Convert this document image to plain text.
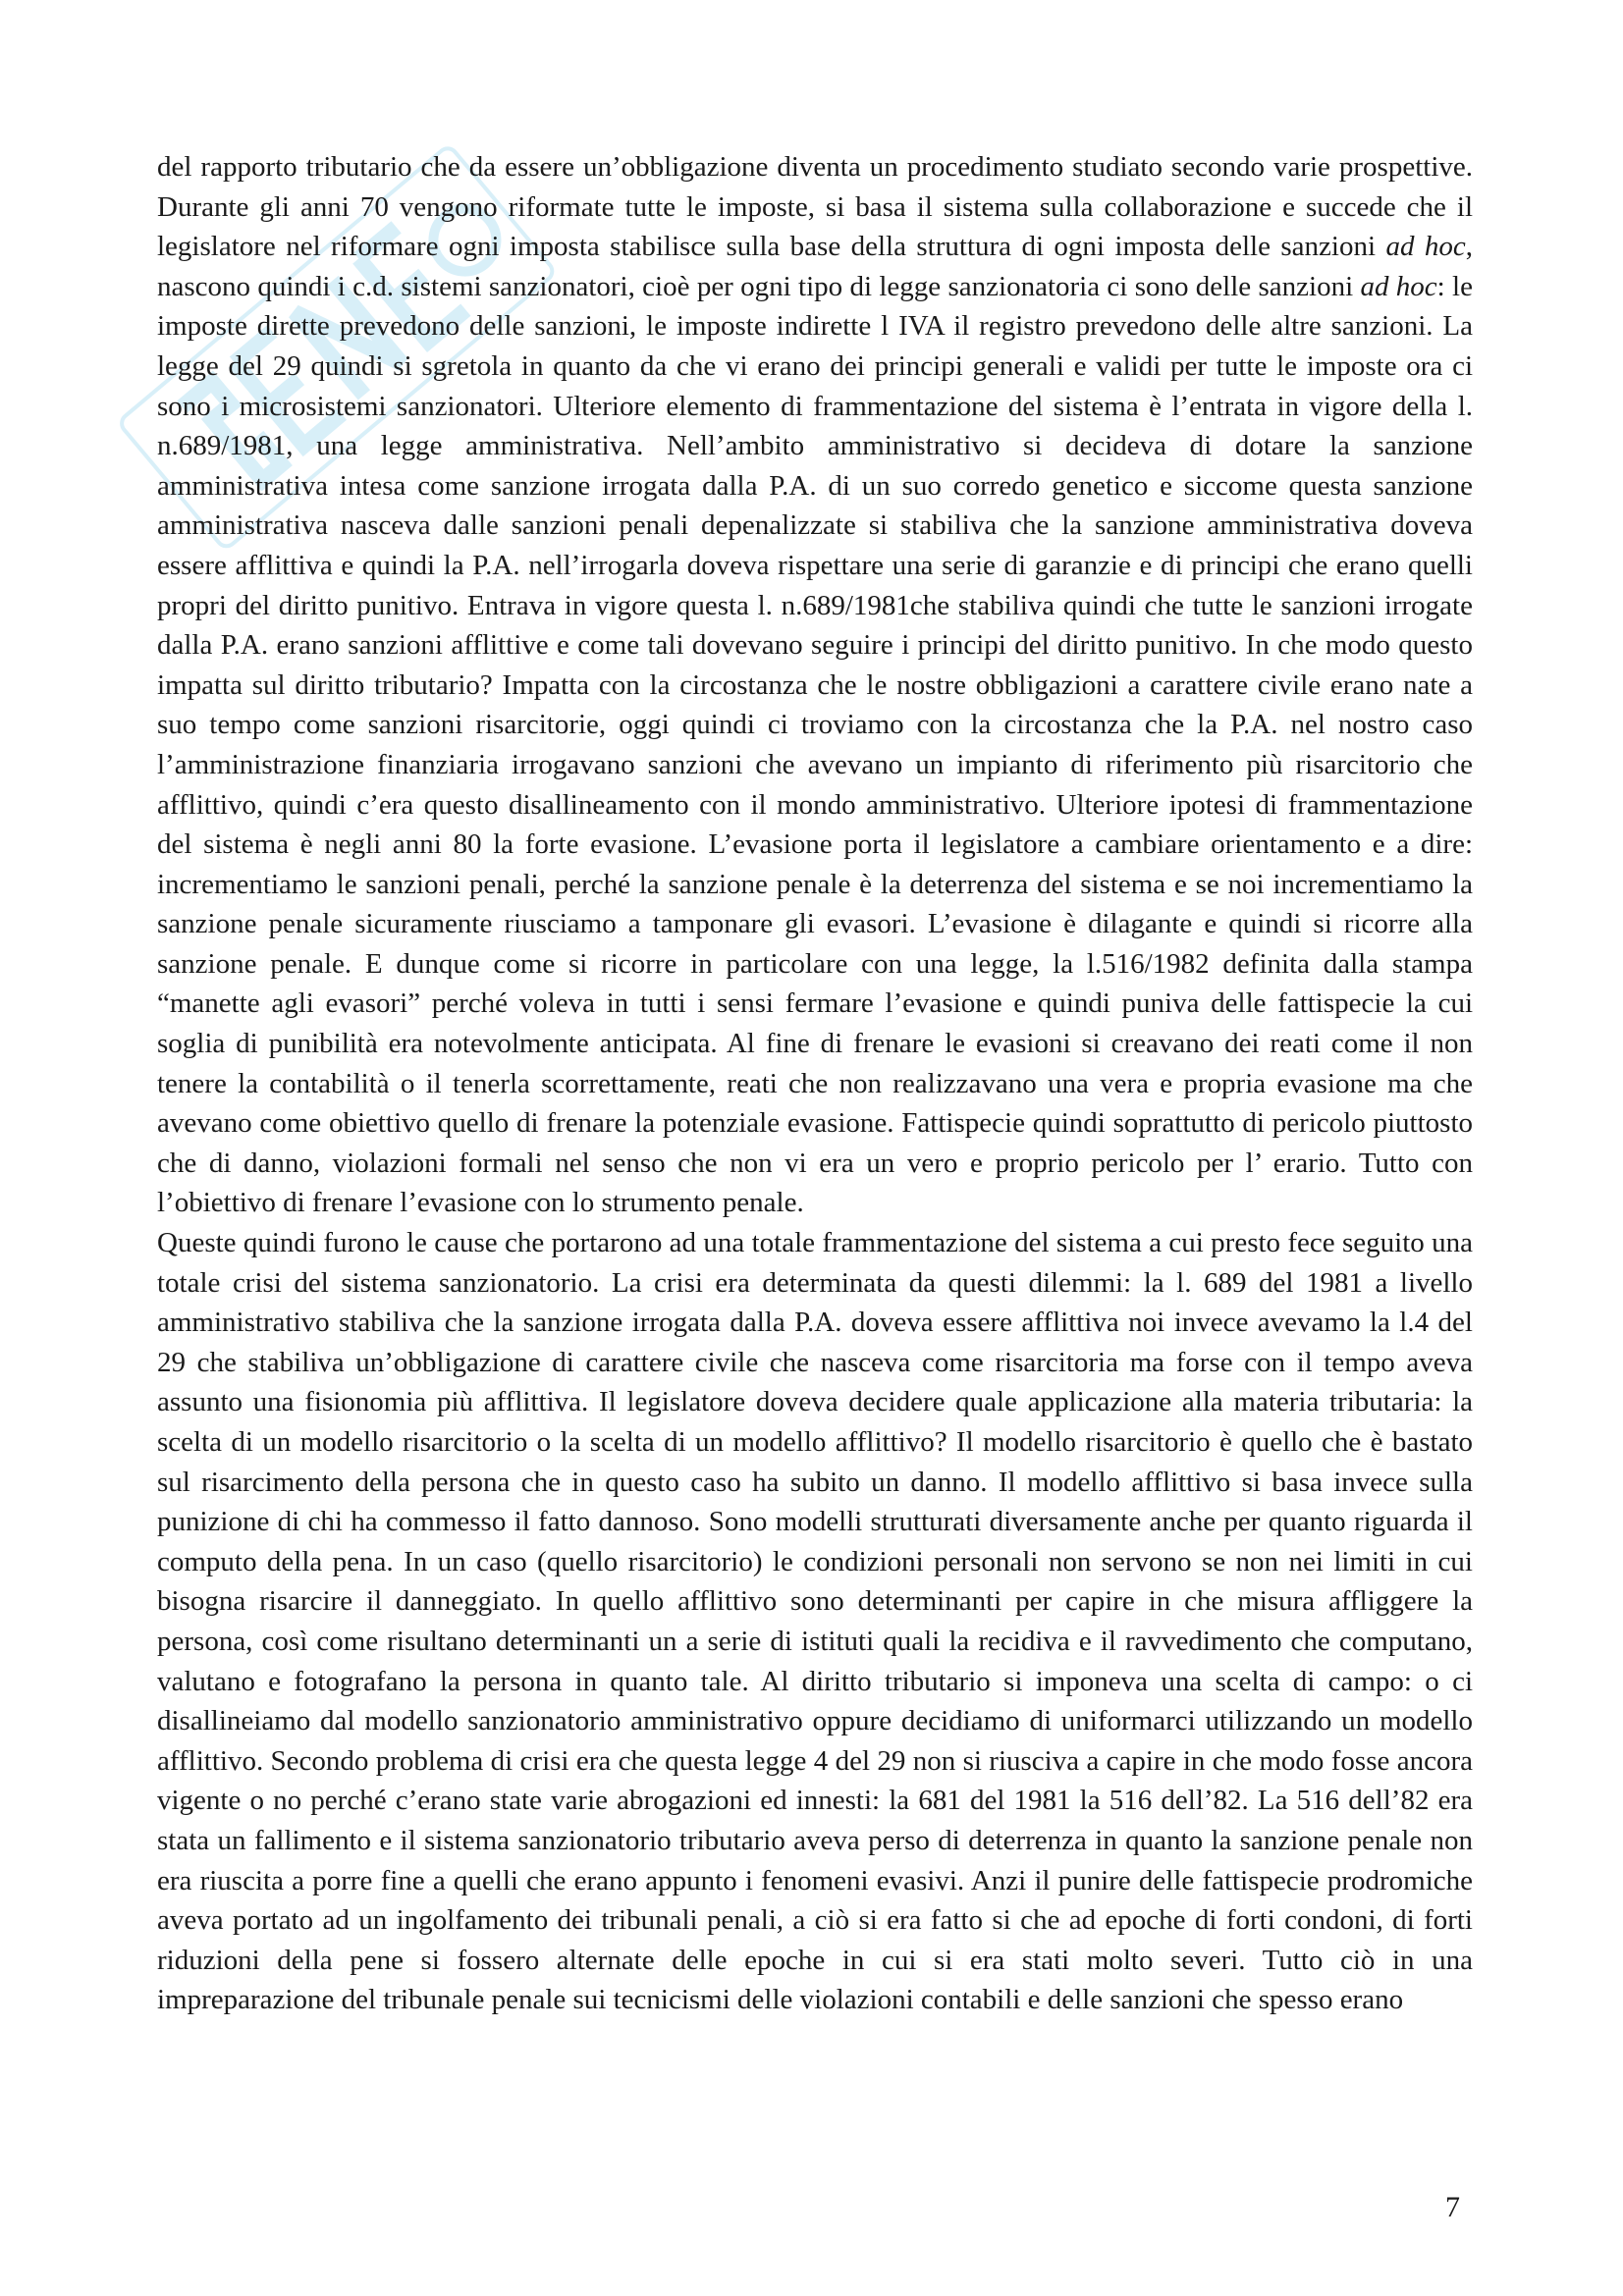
del rapporto tributario che da essere un’obbligazione diventa un procedimento studiato secondo varie prospettive. Durante gli anni 70 vengono riformate tutte le imposte, si basa il sistema sulla collaborazione e succede che il legislatore nel riformare ogni imposta stabilisce sulla base della struttura di ogni imposta delle sanzioni ad hoc, nascono quindi i c.d. sistemi sanzionatori, cioè per ogni tipo di legge sanzionatoria ci sono delle sanzioni ad hoc: le imposte dirette prevedono delle sanzioni, le imposte indirette l IVA il registro prevedono delle altre sanzioni. La legge del 29 quindi si sgretola in quanto da che vi erano dei principi generali e validi per tutte le imposte ora ci sono i microsistemi sanzionatori. Ulteriore elemento di frammentazione del sistema è l’entrata in vigore della l. n.689/1981, una legge amministrativa. Nell’ambito amministrativo si decideva di dotare la sanzione amministrativa intesa come sanzione irrogata dalla P.A. di un suo corredo genetico e siccome questa sanzione amministrativa nasceva dalle sanzioni penali depenalizzate si stabiliva che la sanzione amministrativa doveva essere afflittiva e quindi la P.A. nell’irrogarla doveva rispettare una serie di garanzie e di principi che erano quelli propri del diritto punitivo. Entrava in vigore questa l. n.689/1981che stabiliva quindi che tutte le sanzioni irrogate dalla P.A. erano sanzioni afflittive e come tali dovevano seguire i principi del diritto punitivo. In che modo questo impatta sul diritto tributario? Impatta con la circostanza che le nostre obbligazioni a carattere civile erano nate a suo tempo come sanzioni risarcitorie, oggi quindi ci troviamo con la circostanza che la P.A. nel nostro caso l’amministrazione finanziaria irrogavano sanzioni che avevano un impianto di riferimento più risarcitorio che afflittivo, quindi c’era questo disallineamento con il mondo amministrativo. Ulteriore ipotesi di frammentazione del sistema è negli anni 80 la forte evasione. L’evasione porta il legislatore a cambiare orientamento e a dire: incrementiamo le sanzioni penali, perché la sanzione penale è la deterrenza del sistema e se noi incrementiamo la sanzione penale sicuramente riusciamo a tamponare gli evasori. L’evasione è dilagante e quindi si ricorre alla sanzione penale. E dunque come si ricorre in particolare con una legge, la l.516/1982 definita dalla stampa “manette agli evasori” perché voleva in tutti i sensi fermare l’evasione e quindi puniva delle fattispecie la cui soglia di punibilità era notevolmente anticipata. Al fine di frenare le evasioni si creavano dei reati come il non tenere la contabilità o il tenerla scorrettamente, reati che non realizzavano una vera e propria evasione ma che avevano come obiettivo quello di frenare la potenziale evasione. Fattispecie quindi soprattutto di pericolo piuttosto che di danno, violazioni formali nel senso che non vi era un vero e proprio pericolo per l’ erario. Tutto con l’obiettivo di frenare l’evasione con lo strumento penale.

Queste quindi furono le cause che portarono ad una totale frammentazione del sistema a cui presto fece seguito una totale crisi del sistema sanzionatorio. La crisi era determinata da questi dilemmi: la l. 689 del 1981 a livello amministrativo stabiliva che la sanzione irrogata dalla P.A. doveva essere afflittiva noi invece avevamo la l.4 del 29 che stabiliva un’obbligazione di carattere civile che nasceva come risarcitoria ma forse con il tempo aveva assunto una fisionomia più afflittiva. Il legislatore doveva decidere quale applicazione alla materia tributaria: la scelta di un modello risarcitorio o la scelta di un modello afflittivo? Il modello risarcitorio è quello che è bastato sul risarcimento della persona che in questo caso ha subito un danno. Il modello afflittivo si basa invece sulla punizione di chi ha commesso il fatto dannoso. Sono modelli strutturati diversamente anche per quanto riguarda il computo della pena. In un caso (quello risarcitorio) le condizioni personali non servono se non nei limiti in cui bisogna risarcire il danneggiato. In quello afflittivo sono determinanti per capire in che misura affliggere la persona, così come risultano determinanti un a serie di istituti quali la recidiva e il ravvedimento che computano, valutano e fotografano la persona in quanto tale. Al diritto tributario si imponeva una scelta di campo: o ci disallineiamo dal modello sanzionatorio amministrativo oppure decidiamo di uniformarci utilizzando un modello afflittivo. Secondo problema di crisi era che questa legge 4 del 29 non si riusciva a capire in che modo fosse ancora vigente o no perché c’erano state varie abrogazioni ed innesti: la 681 del 1981 la 516 dell’82. La 516 dell’82 era stata un fallimento e il sistema sanzionatorio tributario aveva perso di deterrenza in quanto la sanzione penale non era riuscita a porre fine a quelli che erano appunto i fenomeni evasivi. Anzi il punire delle fattispecie prodromiche aveva portato ad un ingolfamento dei tribunali penali, a ciò si era fatto si che ad epoche di forti condoni, di forti riduzioni della pene si fossero alternate delle epoche in cui si era stati molto severi. Tutto ciò in una impreparazione del tribunale penale sui tecnicismi delle violazioni contabili e delle sanzioni che spesso erano

7
